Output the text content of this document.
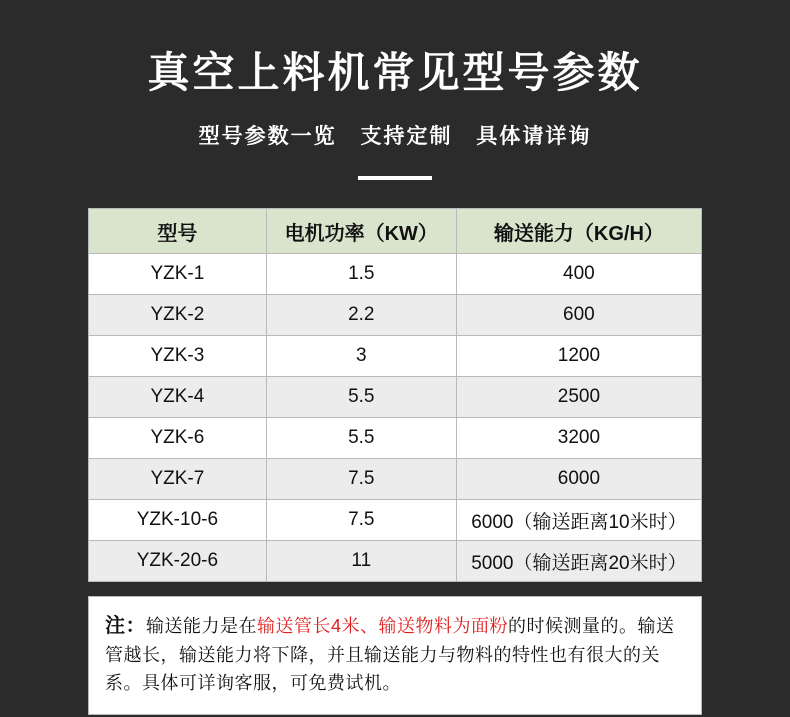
真空上料机常见型号参数
型号参数一览 支持定制 具体请详询
型号	电机功率（KW）	输送能力（KG/H）
YZK-1	1.5	400
YZK-2	2.2	600
YZK-3	3	1200
YZK-4	5.5	2500
YZK-6	5.5	3200
YZK-7	7.5	6000
YZK-10-6	7.5	6000（输送距离10米时）
YZK-20-6	11	5000（输送距离20米时）

注：输送能力是在输送管长4米、输送物料为面粉的时候测量的。输送管越长，输送能力将下降，并且输送能力与物料的特性也有很大的关系。具体可详询客服，可免费试机。
